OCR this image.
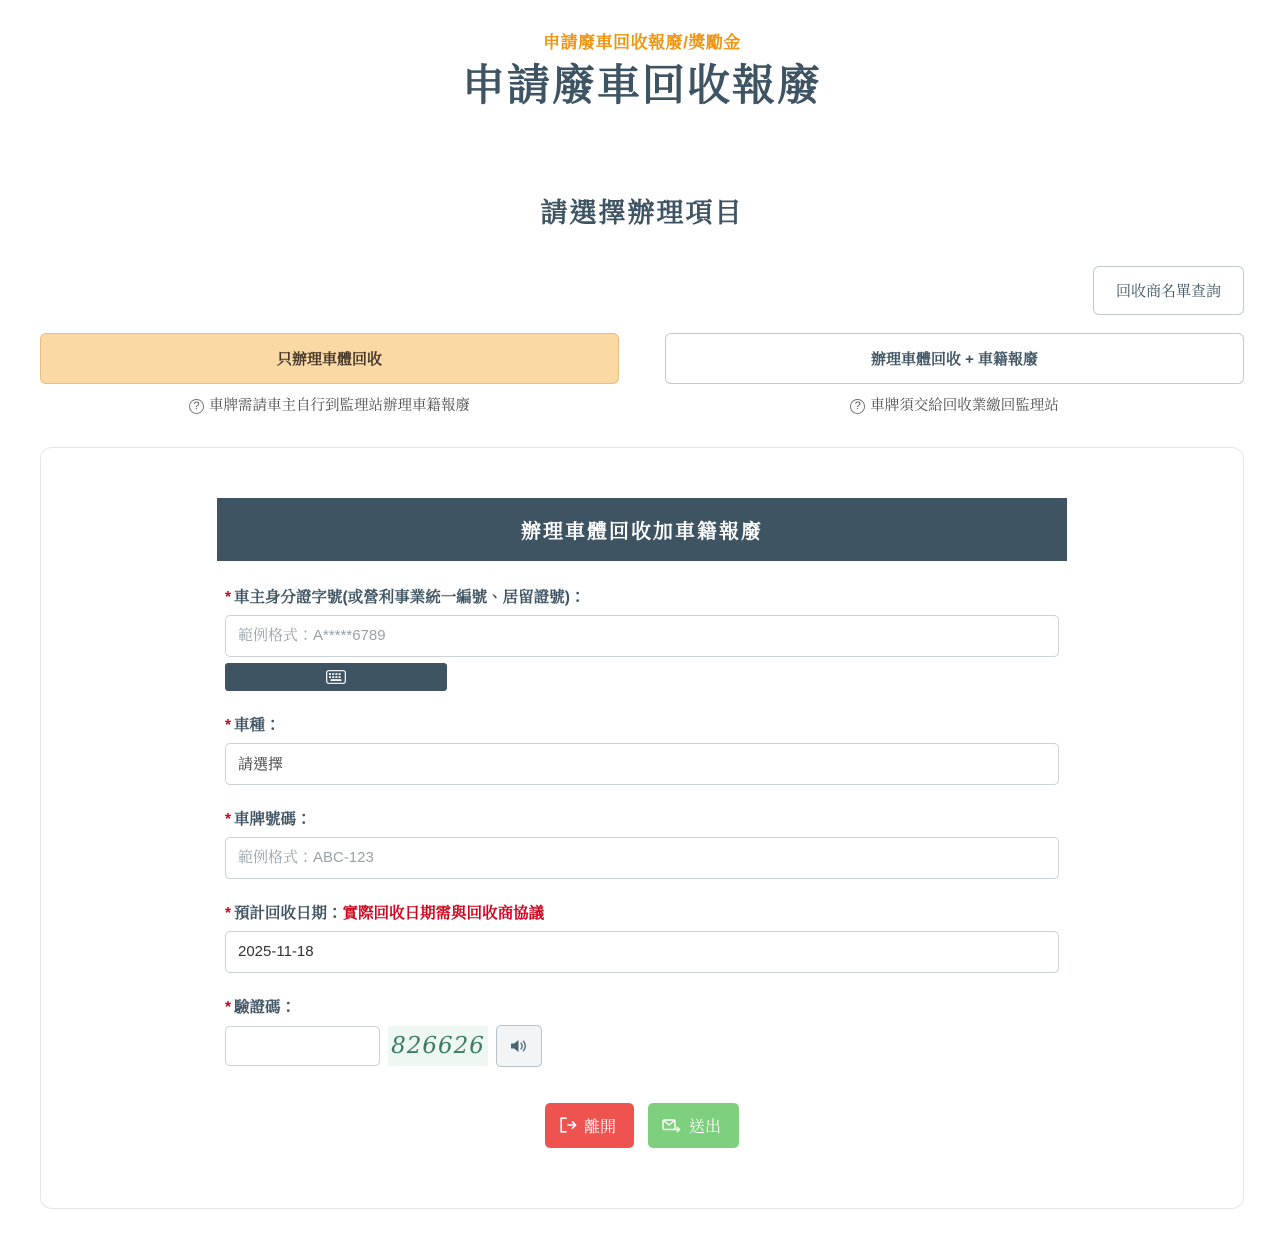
申請廢車回收報廢/獎勵金
申請廢車回收報廢
請選擇辦理項目
回收商名單查詢
只辦理車體回收
? 車牌需請車主自行到監理站辦理車籍報廢
辦理車體回收 + 車籍報廢
? 車牌須交給回收業繳回監理站
辦理車體回收加車籍報廢
* 車主身分證字號(或營利事業統一編號、居留證號)：
範例格式：A*****6789
* 車種：
請選擇
* 車牌號碼：
範例格式：ABC-123
* 預計回收日期：實際回收日期需與回收商協議
2025-11-18
* 驗證碼：
826626
離開	送出
